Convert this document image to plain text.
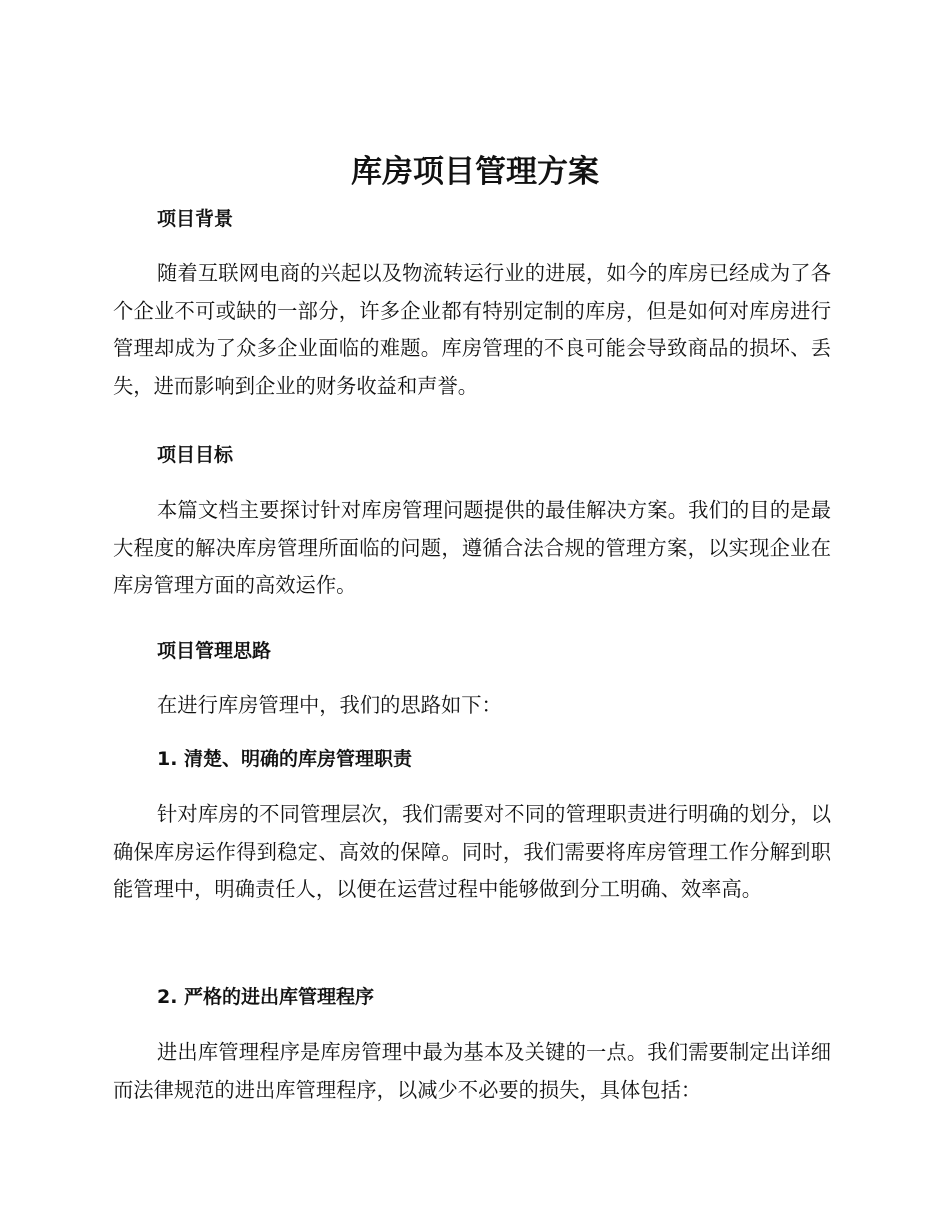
库房项目管理方案
项目背景
随着互联网电商的兴起以及物流转运行业的进展，如今的库房已经成为了各个企业不可或缺的一部分，许多企业都有特别定制的库房，但是如何对库房进行管理却成为了众多企业面临的难题。库房管理的不良可能会导致商品的损坏、丢失，进而影响到企业的财务收益和声誉。
项目目标
本篇文档主要探讨针对库房管理问题提供的最佳解决方案。我们的目的是最大程度的解决库房管理所面临的问题，遵循合法合规的管理方案，以实现企业在库房管理方面的高效运作。
项目管理思路
在进行库房管理中，我们的思路如下：
1. 清楚、明确的库房管理职责
针对库房的不同管理层次，我们需要对不同的管理职责进行明确的划分，以确保库房运作得到稳定、高效的保障。同时，我们需要将库房管理工作分解到职能管理中，明确责任人，以便在运营过程中能够做到分工明确、效率高。
2. 严格的进出库管理程序
进出库管理程序是库房管理中最为基本及关键的一点。我们需要制定出详细而法律规范的进出库管理程序，以减少不必要的损失，具体包括：
